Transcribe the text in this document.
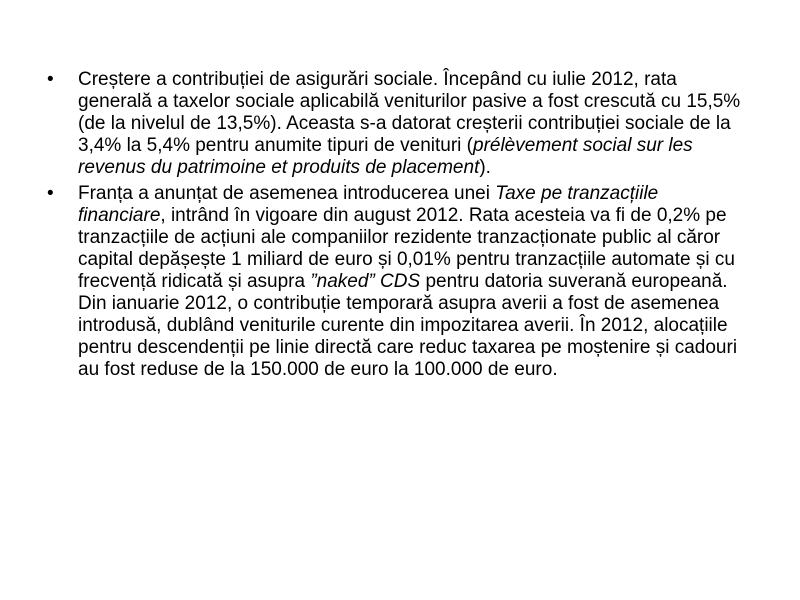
• Creștere a contribuției de asigurări sociale. Începând cu iulie 2012, rata generală a taxelor sociale aplicabilă veniturilor pasive a fost crescută cu 15,5% (de la nivelul de 13,5%). Aceasta s-a datorat creșterii contribuției sociale de la 3,4% la 5,4% pentru anumite tipuri de venituri (prélèvement social sur les revenus du patrimoine et produits de placement).
• Franța a anunțat de asemenea introducerea unei Taxe pe tranzacțiile financiare, intrând în vigoare din august 2012. Rata acesteia va fi de 0,2% pe tranzacțiile de acțiuni ale companiilor rezidente tranzacționate public al căror capital depășește 1 miliard de euro și 0,01% pentru tranzacțiile automate și cu frecvență ridicată și asupra ”naked” CDS pentru datoria suverană europeană. Din ianuarie 2012, o contribuție temporară asupra averii a fost de asemenea introdusă, dublând veniturile curente din impozitarea averii. În 2012, alocațiile pentru descendenții pe linie directă care reduc taxarea pe moștenire și cadouri au fost reduse de la 150.000 de euro la 100.000 de euro.
